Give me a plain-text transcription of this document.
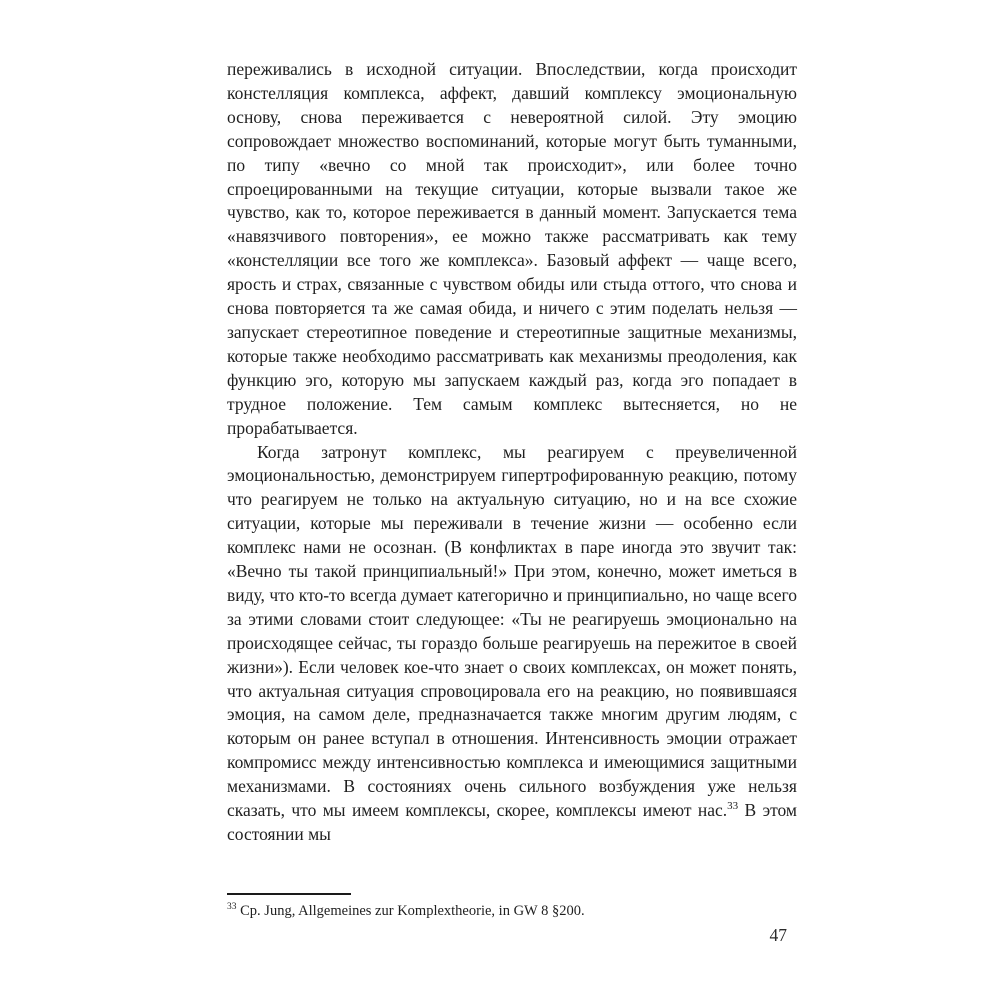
переживались в исходной ситуации. Впоследствии, когда происходит констелляция комплекса, аффект, давший комплексу эмоциональную основу, снова переживается с невероятной силой. Эту эмоцию сопровождает множество воспоминаний, которые могут быть туманными, по типу «вечно со мной так происходит», или более точно спроецированными на текущие ситуации, которые вызвали такое же чувство, как то, которое переживается в данный момент. Запускается тема «навязчивого повторения», ее можно также рассматривать как тему «констелляции все того же комплекса». Базовый аффект — чаще всего, ярость и страх, связанные с чувством обиды или стыда оттого, что снова и снова повторяется та же самая обида, и ничего с этим поделать нельзя — запускает стереотипное поведение и стереотипные защитные механизмы, которые также необходимо рассматривать как механизмы преодоления, как функцию эго, которую мы запускаем каждый раз, когда эго попадает в трудное положение. Тем самым комплекс вытесняется, но не прорабатывается.

Когда затронут комплекс, мы реагируем с преувеличенной эмоциональностью, демонстрируем гипертрофированную реакцию, потому что реагируем не только на актуальную ситуацию, но и на все схожие ситуации, которые мы переживали в течение жизни — особенно если комплекс нами не осознан. (В конфликтах в паре иногда это звучит так: «Вечно ты такой принципиальный!» При этом, конечно, может иметься в виду, что кто-то всегда думает категорично и принципиально, но чаще всего за этими словами стоит следующее: «Ты не реагируешь эмоционально на происходящее сейчас, ты гораздо больше реагируешь на пережитое в своей жизни»). Если человек кое-что знает о своих комплексах, он может понять, что актуальная ситуация спровоцировала его на реакцию, но появившаяся эмоция, на самом деле, предназначается также многим другим людям, с которым он ранее вступал в отношения. Интенсивность эмоции отражает компромисс между интенсивностью комплекса и имеющимися защитными механизмами. В состояниях очень сильного возбуждения уже нельзя сказать, что мы имеем комплексы, скорее, комплексы имеют нас.$^{33}$ В этом состоянии мы

$^{33}$ Ср. Jung, Allgemeines zur Komplextheorie, in GW 8 §200.

47
